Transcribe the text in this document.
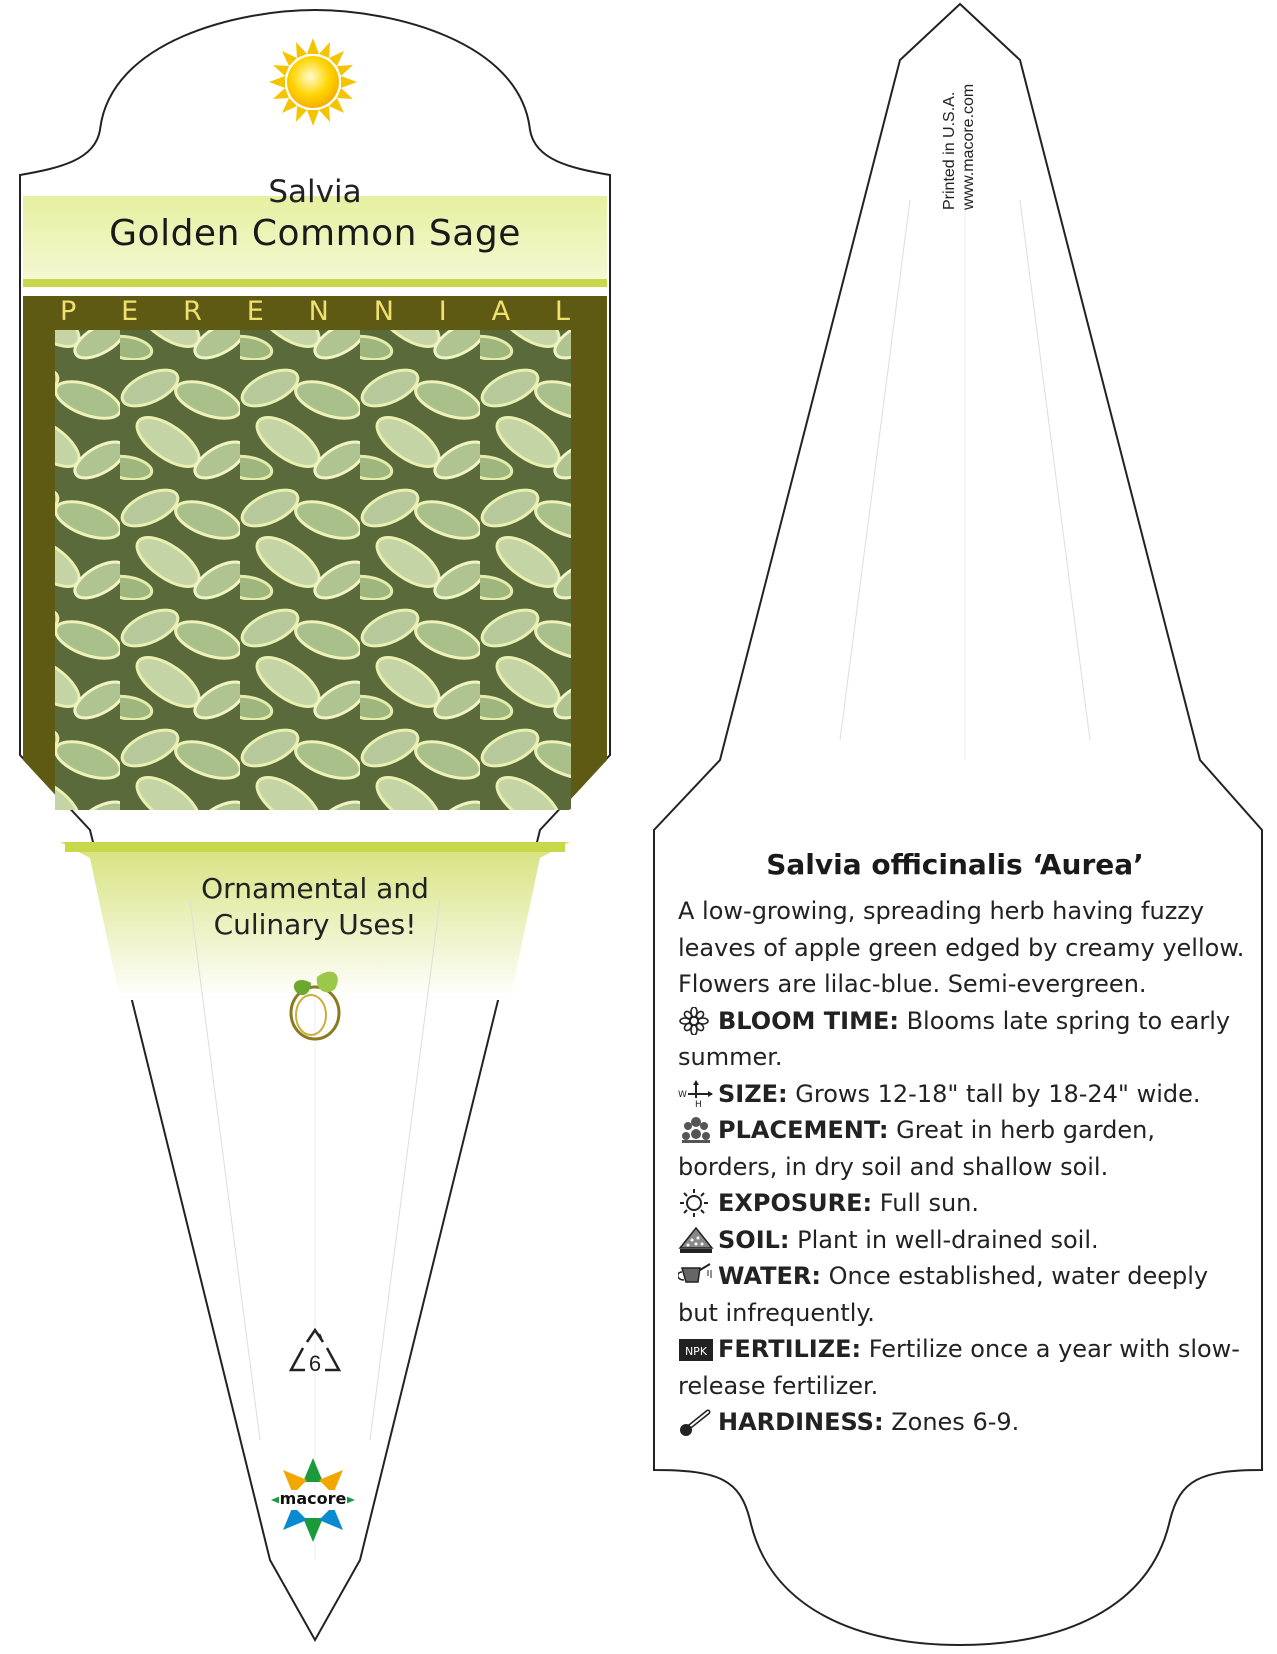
Salvia
Golden Common Sage
P E R E N N I A L
Ornamental and
Culinary Uses!
6
macore
Printed in U.S.A. www.macore.com
Salvia officinalis ‘Aurea’
A low-growing, spreading herb having fuzzy leaves of apple green edged by creamy yellow. Flowers are lilac-blue. Semi-evergreen.
BLOOM TIME: Blooms late spring to early summer.
W
H SIZE: Grows 12-18" tall by 18-24" wide.
PLACEMENT: Great in herb garden, borders, in dry soil and shallow soil.
EXPOSURE: Full sun.
SOIL: Plant in well-drained soil.
WATER: Once established, water deeply but infrequently.
NPK FERTILIZE: Fertilize once a year with slow-release fertilizer.
HARDINESS: Zones 6-9.
